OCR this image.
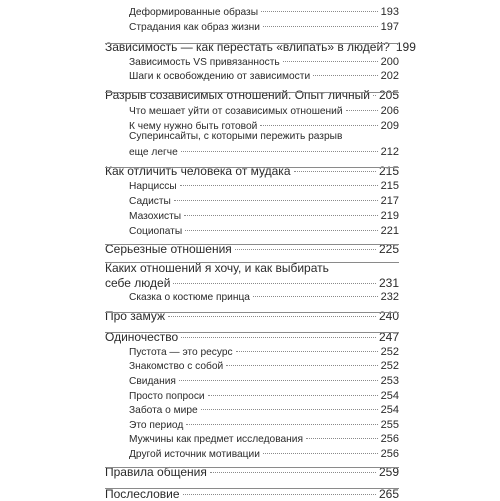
Деформированные образы	193
Страдания как образ жизни	197
Зависимость — как перестать «влипать» в людей? 199
Зависимость VS привязанность	200
Шаги к освобождению от зависимости	202
Разрыв созависимых отношений. Опыт личный 205
Что мешает уйти от созависимых отношений	206
К чему нужно быть готовой	209
Суперинсайты, с которыми пережить разрыв
еще легче	212
Как отличить человека от мудака	215
Нарциссы	215
Садисты	217
Мазохисты	219
Социопаты	221
Серьезные отношения	225
Каких отношений я хочу, и как выбирать
себе людей	231
Сказка о костюме принца	232
Про замуж	240
Одиночество	247
Пустота — это ресурс	252
Знакомство с собой	252
Свидания	253
Просто попроси	254
Забота о мире	254
Это период	255
Мужчины как предмет исследования	256
Другой источник мотивации	256
Правила общения	259
Послесловие	265
